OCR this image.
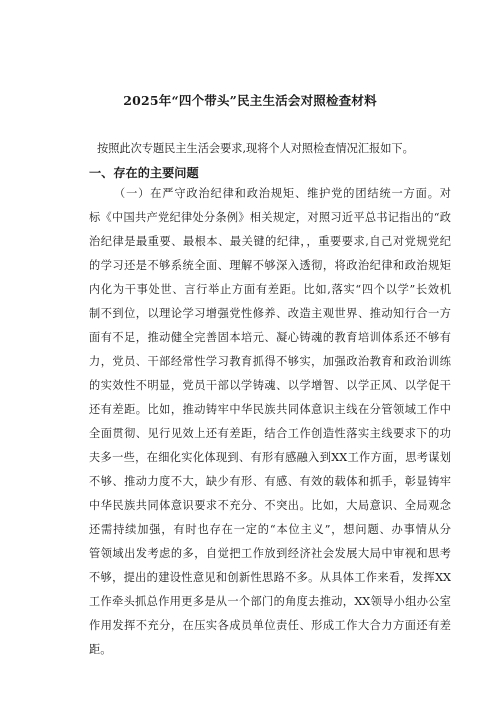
2025年“四个带头”民主生活会对照检查材料
按照此次专题民主生活会要求,现将个人对照检查情况汇报如下。
一、存在的主要问题
（一）在严守政治纪律和政治规矩、维护党的团结统一方面。对
标《中国共产党纪律处分条例》相关规定，对照习近平总书记指出的“政
治纪律是最重要、最根本、最关键的纪律，，重要要求,自己对党规党纪
的学习还是不够系统全面、理解不够深入透彻，将政治纪律和政治规矩
内化为干事处世、言行举止方面有差距。比如,落实“四个以学”长效机
制不到位，以理论学习增强党性修养、改造主观世界、推动知行合一方
面有不足，推动健全完善固本培元、凝心铸魂的教育培训体系还不够有
力，党员、干部经常性学习教育抓得不够实，加强政治教育和政治训练
的实效性不明显，党员干部以学铸魂、以学增智、以学正风、以学促干
还有差距。比如，推动铸牢中华民族共同体意识主线在分管领域工作中
全面贯彻、见行见效上还有差距，结合工作创造性落实主线要求下的功
夫多一些，在细化实化体现到、有形有感融入到XX工作方面，思考谋划
不够、推动力度不大，缺少有形、有感、有效的载体和抓手，彰显铸牢
中华民族共同体意识要求不充分、不突出。比如，大局意识、全局观念
还需持续加强，有时也存在一定的“本位主义”，想问题、办事情从分
管领域出发考虑的多，自觉把工作放到经济社会发展大局中审视和思考
不够，提出的建设性意见和创新性思路不多。从具体工作来看，发挥XX
工作牵头抓总作用更多是从一个部门的角度去推动，XX领导小组办公室
作用发挥不充分，在压实各成员单位责任、形成工作大合力方面还有差
距。
